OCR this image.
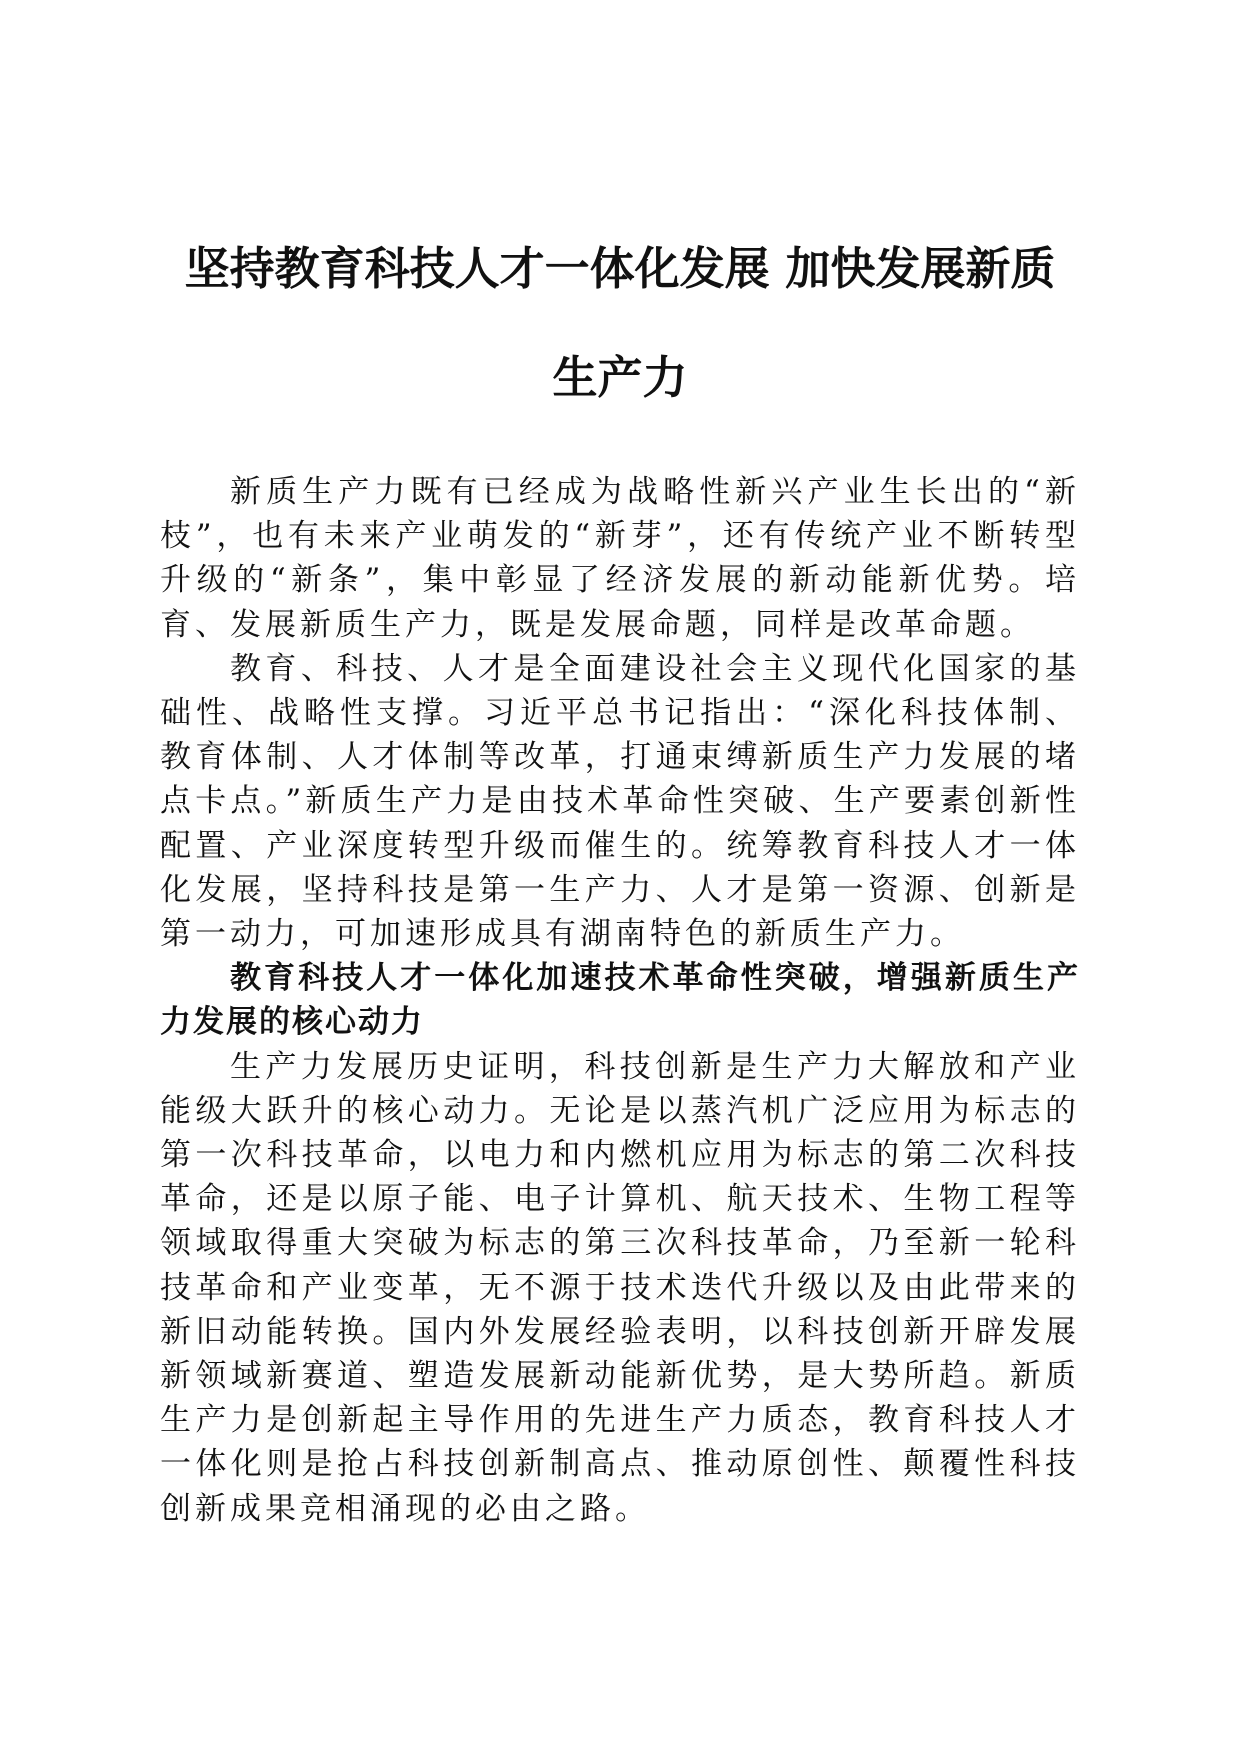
坚持教育科技人才一体化发展 加快发展新质
生产力

新质生产力既有已经成为战略性新兴产业生长出的“新枝”，也有未来产业萌发的“新芽”，还有传统产业不断转型升级的“新条”，集中彰显了经济发展的新动能新优势。培育、发展新质生产力，既是发展命题，同样是改革命题。

教育、科技、人才是全面建设社会主义现代化国家的基础性、战略性支撑。习近平总书记指出：“深化科技体制、教育体制、人才体制等改革，打通束缚新质生产力发展的堵点卡点。”新质生产力是由技术革命性突破、生产要素创新性配置、产业深度转型升级而催生的。统筹教育科技人才一体化发展，坚持科技是第一生产力、人才是第一资源、创新是第一动力，可加速形成具有湖南特色的新质生产力。

教育科技人才一体化加速技术革命性突破，增强新质生产力发展的核心动力

生产力发展历史证明，科技创新是生产力大解放和产业能级大跃升的核心动力。无论是以蒸汽机广泛应用为标志的第一次科技革命，以电力和内燃机应用为标志的第二次科技革命，还是以原子能、电子计算机、航天技术、生物工程等领域取得重大突破为标志的第三次科技革命，乃至新一轮科技革命和产业变革，无不源于技术迭代升级以及由此带来的新旧动能转换。国内外发展经验表明，以科技创新开辟发展新领域新赛道、塑造发展新动能新优势，是大势所趋。新质生产力是创新起主导作用的先进生产力质态，教育科技人才一体化则是抢占科技创新制高点、推动原创性、颠覆性科技创新成果竞相涌现的必由之路。
